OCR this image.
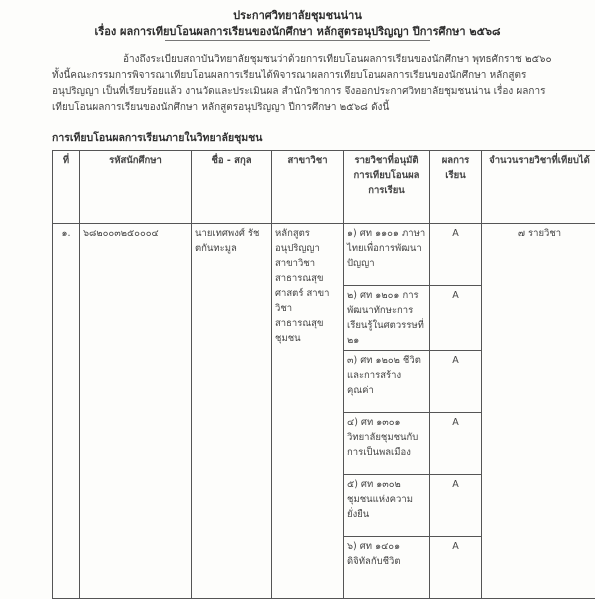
ประกาศวิทยาลัยชุมชนน่าน
เรื่อง ผลการเทียบโอนผลการเรียนของนักศึกษา หลักสูตรอนุปริญญา ปีการศึกษา ๒๕๖๘
อ้างถึงระเบียบสถาบันวิทยาลัยชุมชนว่าด้วยการเทียบโอนผลการเรียนของนักศึกษา พุทธศักราช ๒๕๖๐
ทั้งนี้คณะกรรมการพิจารณาเทียบโอนผลการเรียนได้พิจารณาผลการเทียบโอนผลการเรียนของนักศึกษา หลักสูตร
อนุปริญญา เป็นที่เรียบร้อยแล้ว งานวัดและประเมินผล สำนักวิชาการ จึงออกประกาศวิทยาลัยชุมชนน่าน เรื่อง ผลการ
เทียบโอนผลการเรียนของนักศึกษา หลักสูตรอนุปริญญา ปีการศึกษา ๒๕๖๘ ดังนี้
การเทียบโอนผลการเรียนภายในวิทยาลัยชุมชน
ที่	รหัสนักศึกษา	ชื่อ - สกุล	สาขาวิชา	รายวิชาที่อนุมัติการเทียบโอนผลการเรียน	ผลการเรียน	จำนวนรายวิชาที่เทียบได้
๑.	๖๘๒๐๐๓๒๕๐๐๐๔	นายเทศพงศ์ รัชตกันทะมูล	หลักสูตรอนุปริญญา สาขาวิชาสาธารณสุขศาสตร์ สาขาวิชาสาธารณสุขชุมชน	๑) ศท ๑๑๐๑ ภาษาไทยเพื่อการพัฒนาปัญญา	A	๗ รายวิชา
				๒) ศท ๑๒๐๑ การพัฒนาทักษะการเรียนรู้ในศตวรรษที่ ๒๑	A	
				๓) ศท ๑๒๐๒ ชีวิตและการสร้างคุณค่า	A	
				๔) ศท ๑๓๐๑ วิทยาลัยชุมชนกับการเป็นพลเมือง	A	
				๕) ศท ๑๓๐๒ ชุมชนแห่งความยั่งยืน	A	
				๖) ศท ๑๔๐๑ ดิจิทัลกับชีวิต	A	
